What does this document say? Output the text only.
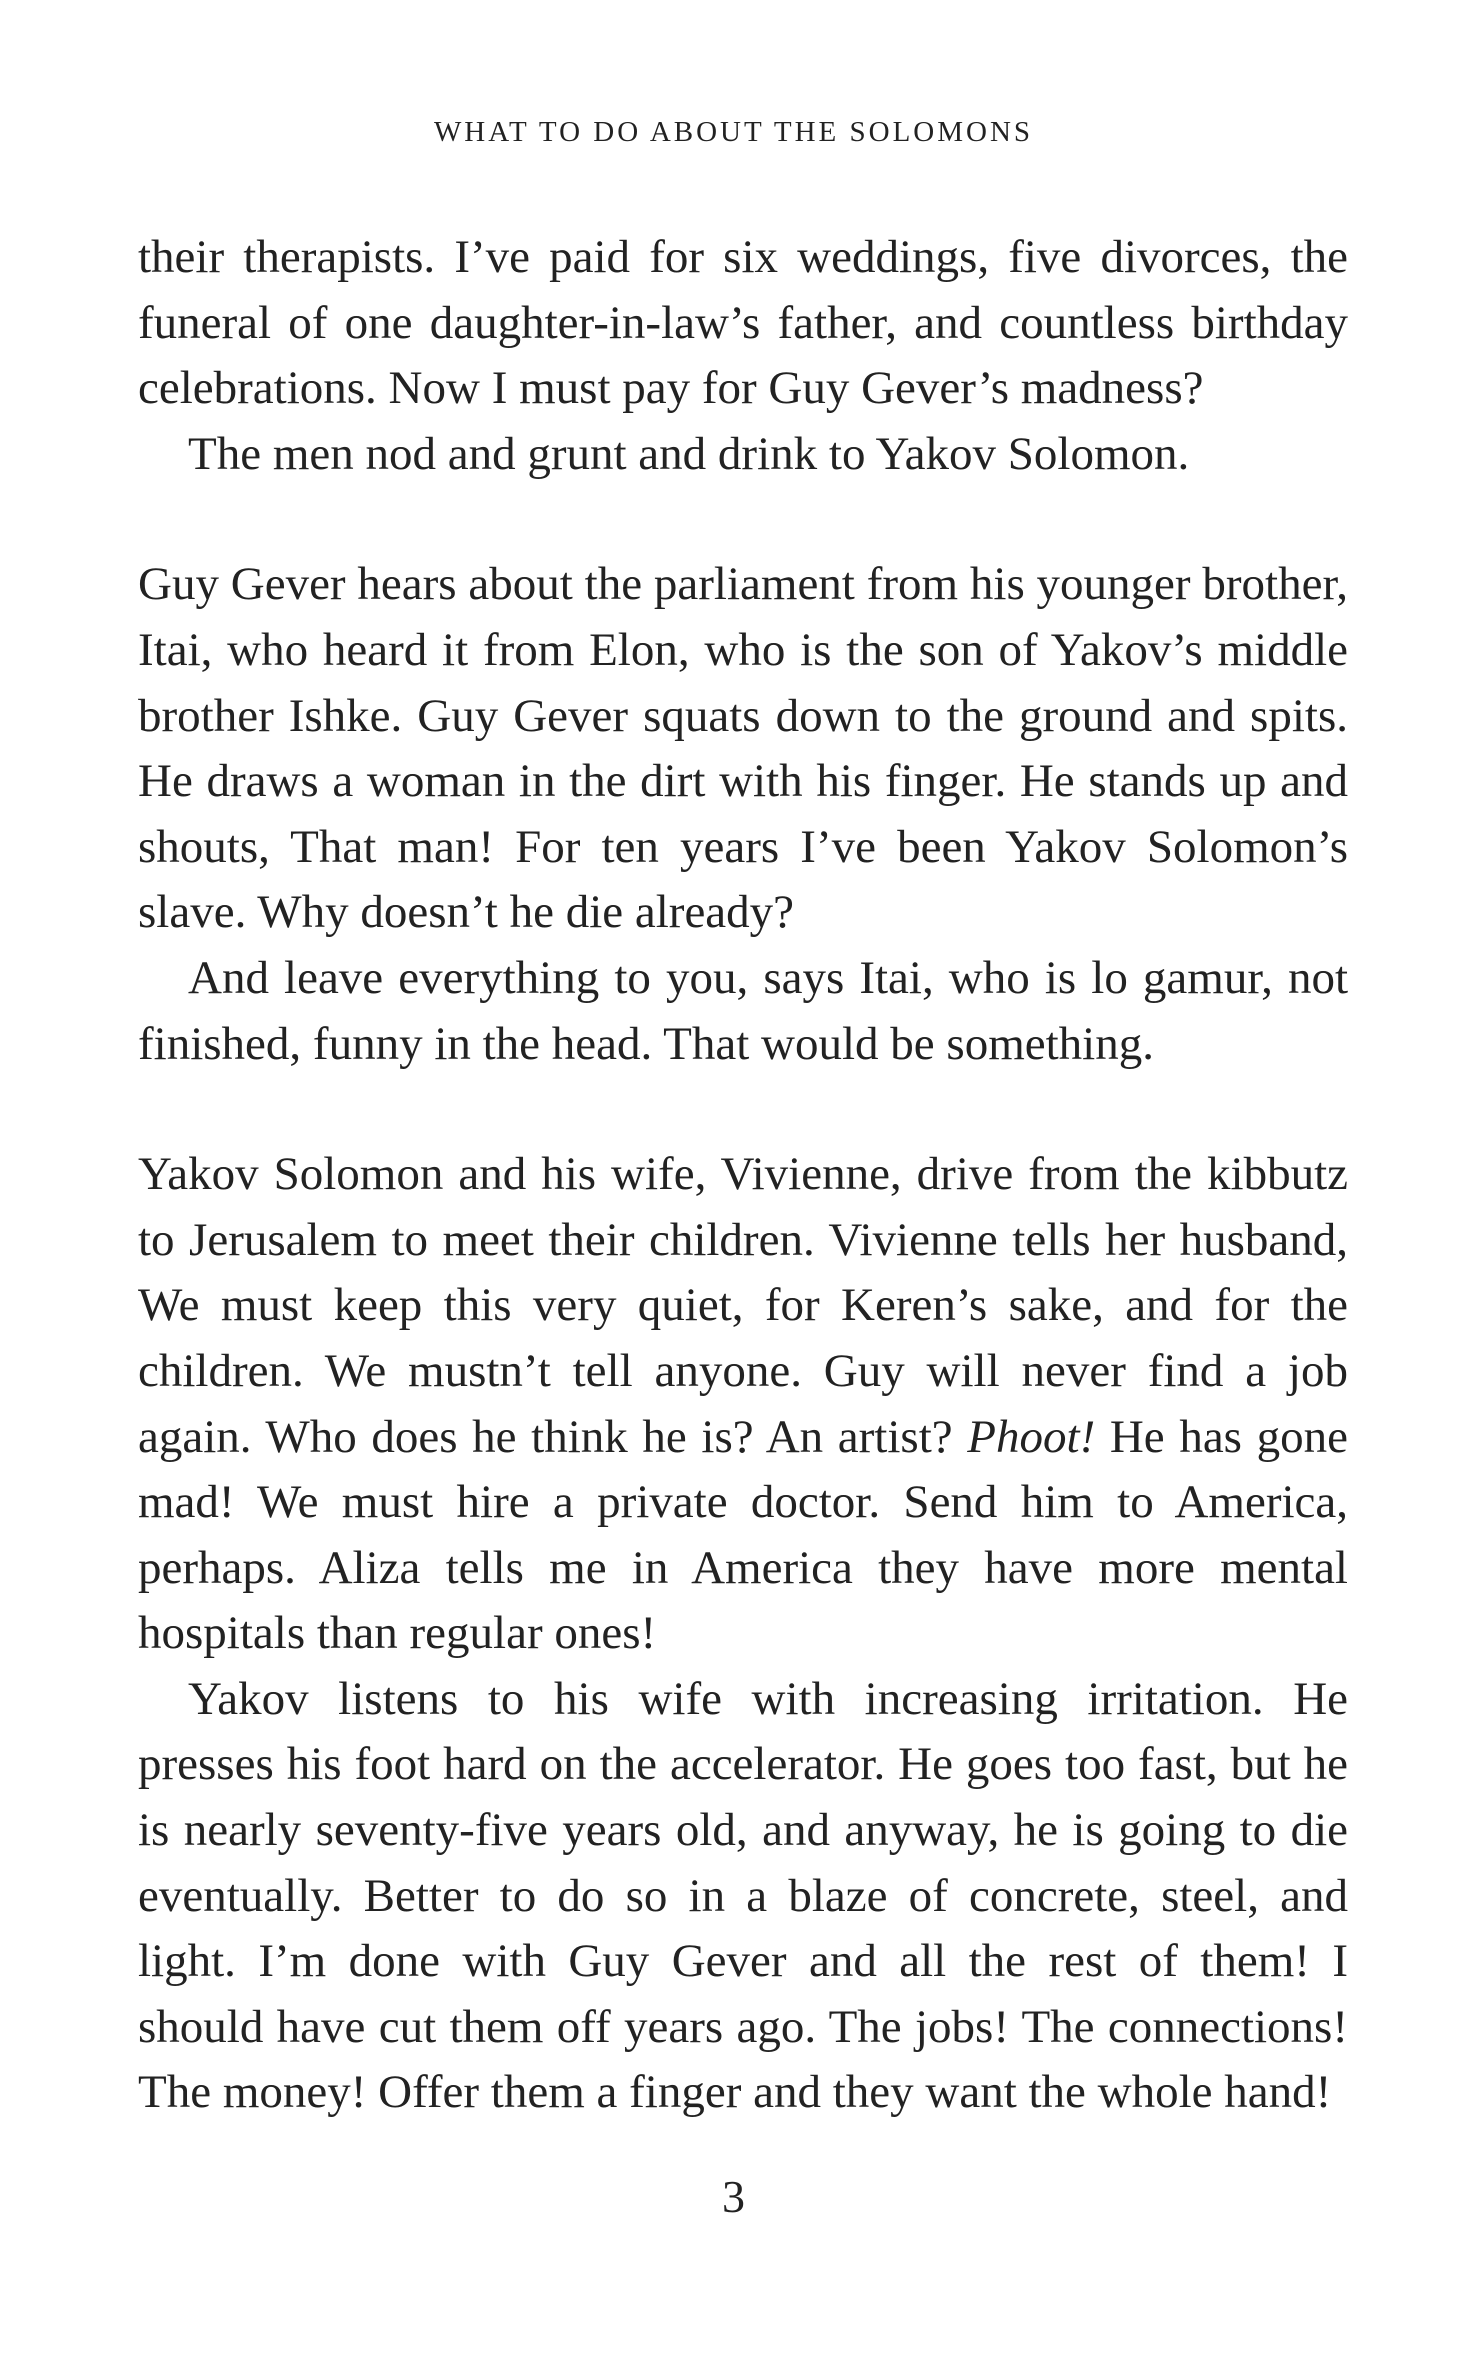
WHAT TO DO ABOUT THE SOLOMONS

their therapists. I’ve paid for six weddings, five divorces, the funeral of one daughter-in-law’s father, and countless birthday celebrations. Now I must pay for Guy Gever’s madness?

The men nod and grunt and drink to Yakov Solomon.

Guy Gever hears about the parliament from his younger brother, Itai, who heard it from Elon, who is the son of Yakov’s middle brother Ishke. Guy Gever squats down to the ground and spits. He draws a woman in the dirt with his finger. He stands up and shouts, That man! For ten years I’ve been Yakov Solomon’s slave. Why doesn’t he die already?

And leave everything to you, says Itai, who is lo gamur, not finished, funny in the head. That would be something.

Yakov Solomon and his wife, Vivienne, drive from the kibbutz to Jerusalem to meet their children. Vivienne tells her husband, We must keep this very quiet, for Keren’s sake, and for the children. We mustn’t tell anyone. Guy will never find a job again. Who does he think he is? An artist? Phoot! He has gone mad! We must hire a private doctor. Send him to America, perhaps. Aliza tells me in America they have more mental hospitals than regular ones!

Yakov listens to his wife with increasing irritation. He presses his foot hard on the accelerator. He goes too fast, but he is nearly seventy-five years old, and anyway, he is going to die eventually. Better to do so in a blaze of concrete, steel, and light. I’m done with Guy Gever and all the rest of them! I should have cut them off years ago. The jobs! The connections! The money! Offer them a finger and they want the whole hand!

3
